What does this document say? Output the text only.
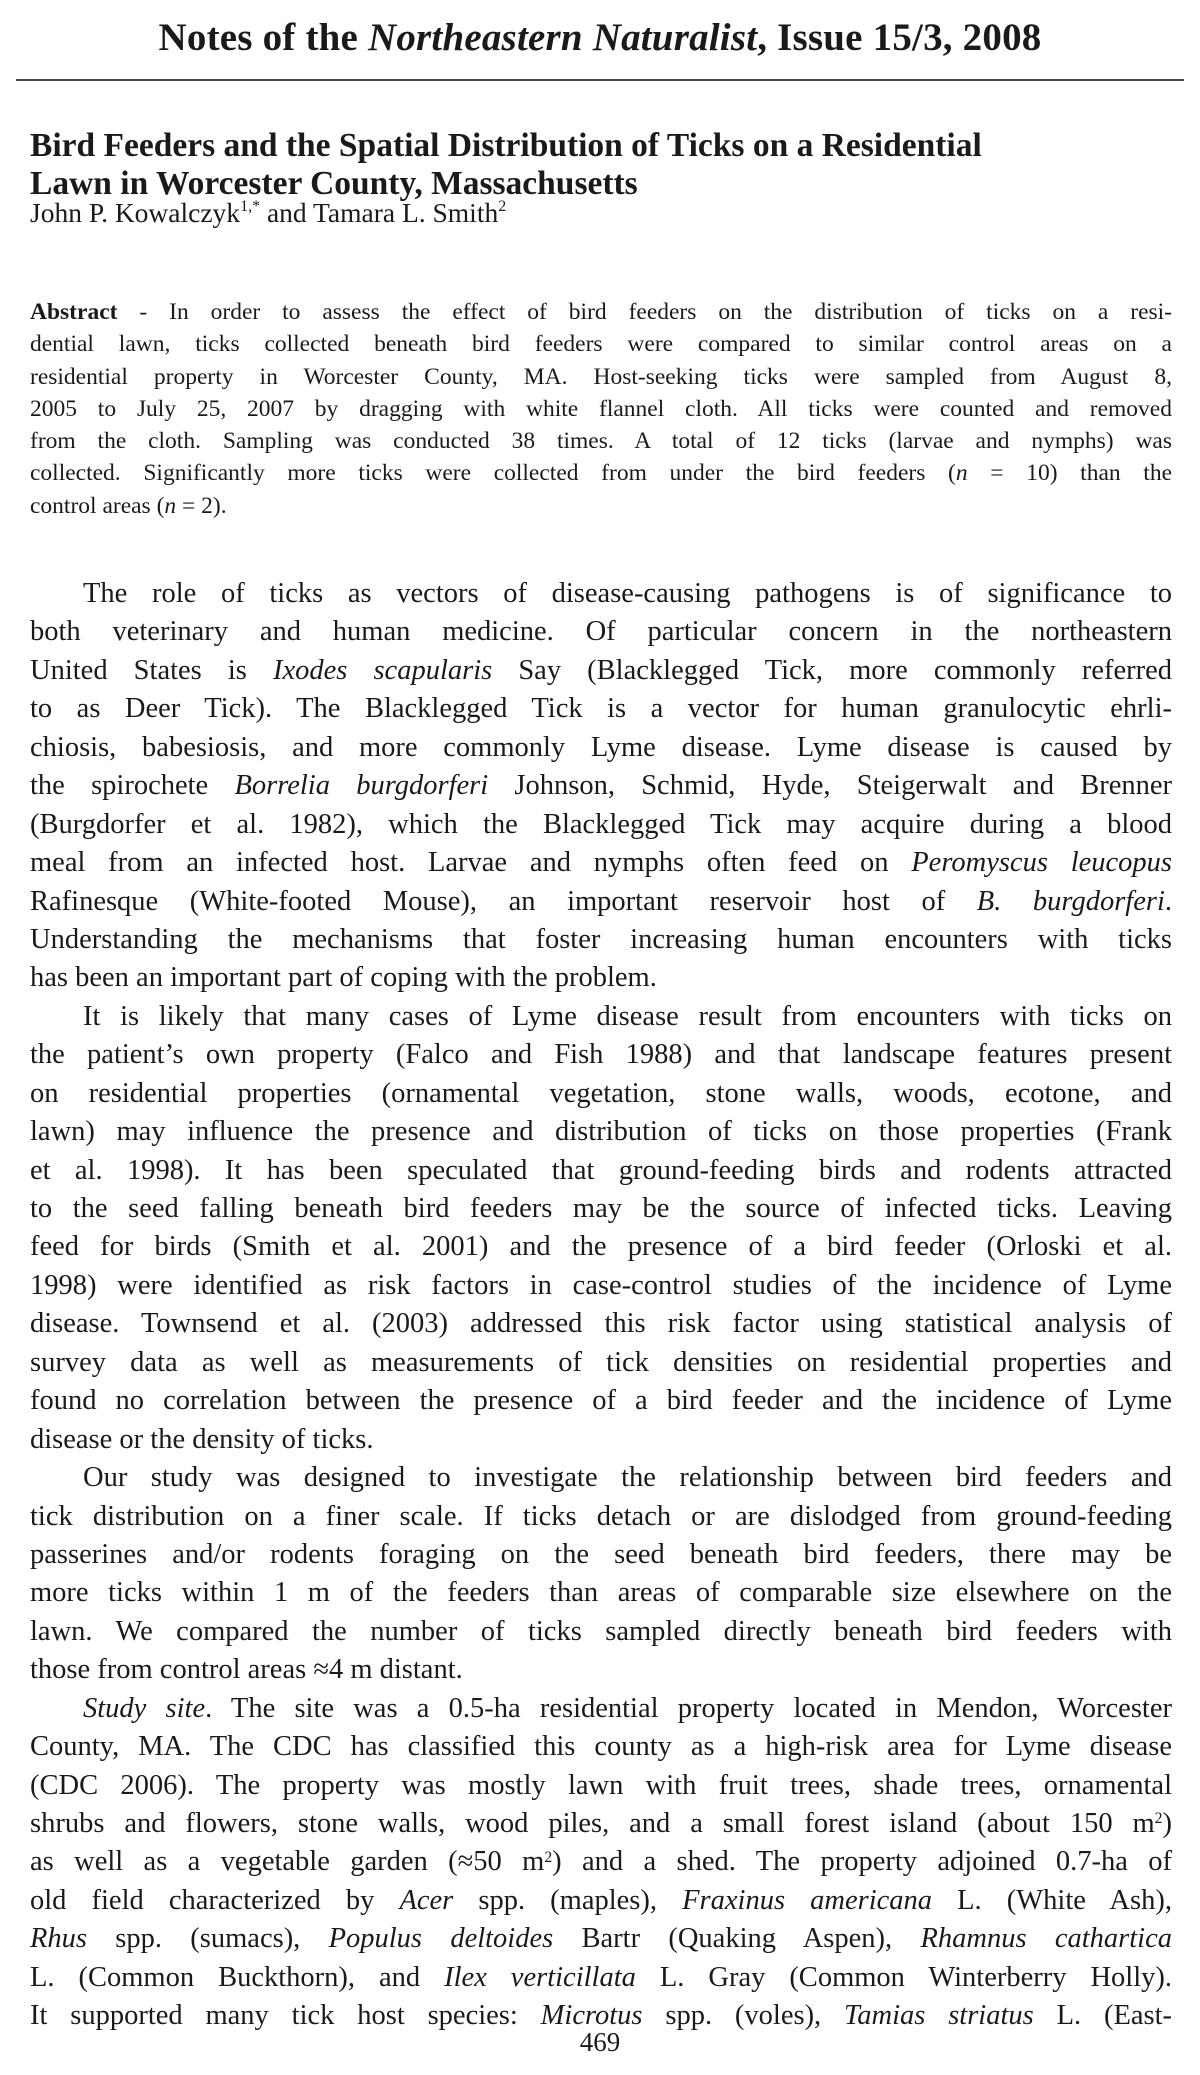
Notes of the Northeastern Naturalist, Issue 15/3, 2008
Bird Feeders and the Spatial Distribution of Ticks on a Residential
Lawn in Worcester County, Massachusetts
John P. Kowalczyk$^{1,*}$ and Tamara L. Smith$^2$
Abstract - In order to assess the effect of bird feeders on the distribution of ticks on a resi-
dential lawn, ticks collected beneath bird feeders were compared to similar control areas on a
residential property in Worcester County, MA. Host-seeking ticks were sampled from August 8,
2005 to July 25, 2007 by dragging with white flannel cloth. All ticks were counted and removed
from the cloth. Sampling was conducted 38 times. A total of 12 ticks (larvae and nymphs) was
collected. Significantly more ticks were collected from under the bird feeders (n = 10) than the
control areas (n = 2).
The role of ticks as vectors of disease-causing pathogens is of significance to
both veterinary and human medicine. Of particular concern in the northeastern
United States is Ixodes scapularis Say (Blacklegged Tick, more commonly referred
to as Deer Tick). The Blacklegged Tick is a vector for human granulocytic ehrli-
chiosis, babesiosis, and more commonly Lyme disease. Lyme disease is caused by
the spirochete Borrelia burgdorferi Johnson, Schmid, Hyde, Steigerwalt and Brenner
(Burgdorfer et al. 1982), which the Blacklegged Tick may acquire during a blood
meal from an infected host. Larvae and nymphs often feed on Peromyscus leucopus
Rafinesque (White-footed Mouse), an important reservoir host of B. burgdorferi.
Understanding the mechanisms that foster increasing human encounters with ticks
has been an important part of coping with the problem.
It is likely that many cases of Lyme disease result from encounters with ticks on
the patient’s own property (Falco and Fish 1988) and that landscape features present
on residential properties (ornamental vegetation, stone walls, woods, ecotone, and
lawn) may influence the presence and distribution of ticks on those properties (Frank
et al. 1998). It has been speculated that ground-feeding birds and rodents attracted
to the seed falling beneath bird feeders may be the source of infected ticks. Leaving
feed for birds (Smith et al. 2001) and the presence of a bird feeder (Orloski et al.
1998) were identified as risk factors in case-control studies of the incidence of Lyme
disease. Townsend et al. (2003) addressed this risk factor using statistical analysis of
survey data as well as measurements of tick densities on residential properties and
found no correlation between the presence of a bird feeder and the incidence of Lyme
disease or the density of ticks.
Our study was designed to investigate the relationship between bird feeders and
tick distribution on a finer scale. If ticks detach or are dislodged from ground-feeding
passerines and/or rodents foraging on the seed beneath bird feeders, there may be
more ticks within 1 m of the feeders than areas of comparable size elsewhere on the
lawn. We compared the number of ticks sampled directly beneath bird feeders with
those from control areas ≈4 m distant.
Study site. The site was a 0.5-ha residential property located in Mendon, Worcester
County, MA. The CDC has classified this county as a high-risk area for Lyme disease
(CDC 2006). The property was mostly lawn with fruit trees, shade trees, ornamental
shrubs and flowers, stone walls, wood piles, and a small forest island (about 150 $m^2$)
as well as a vegetable garden (≈50 $m^2$) and a shed. The property adjoined 0.7-ha of
old field characterized by Acer spp. (maples), Fraxinus americana L. (White Ash),
Rhus spp. (sumacs), Populus deltoides Bartr (Quaking Aspen), Rhamnus cathartica
L. (Common Buckthorn), and Ilex verticillata L. Gray (Common Winterberry Holly).
It supported many tick host species: Microtus spp. (voles), Tamias striatus L. (East-
469
